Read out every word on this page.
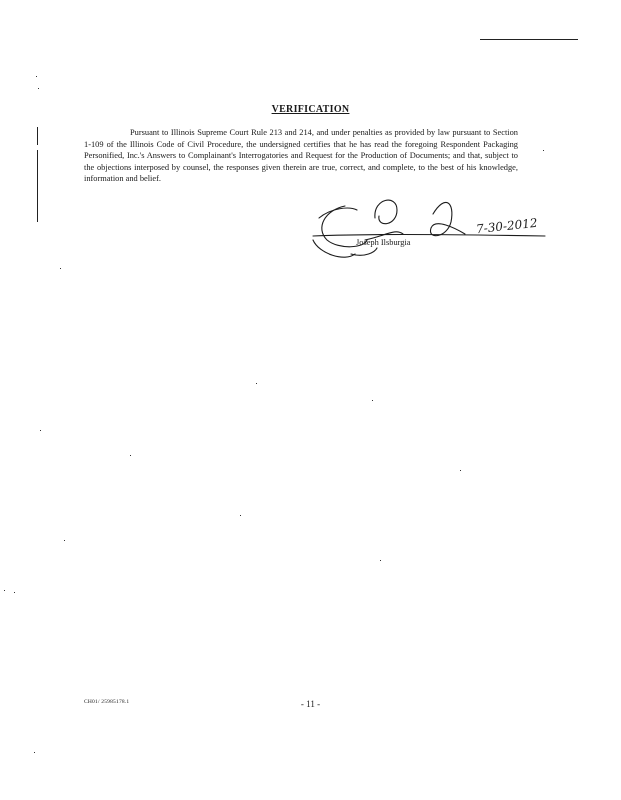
VERIFICATION
Pursuant to Illinois Supreme Court Rule 213 and 214, and under penalties as provided by law pursuant to Section 1-109 of the Illinois Code of Civil Procedure, the undersigned certifies that he has read the foregoing Respondent Packaging Personified, Inc.'s Answers to Complainant's Interrogatories and Request for the Production of Documents; and that, subject to the objections interposed by counsel, the responses given therein are true, correct, and complete, to the best of his knowledge, information and belief.
7-30-2012
Joseph Ilsburgia
CH01/ 25985178.1	- 11 -
